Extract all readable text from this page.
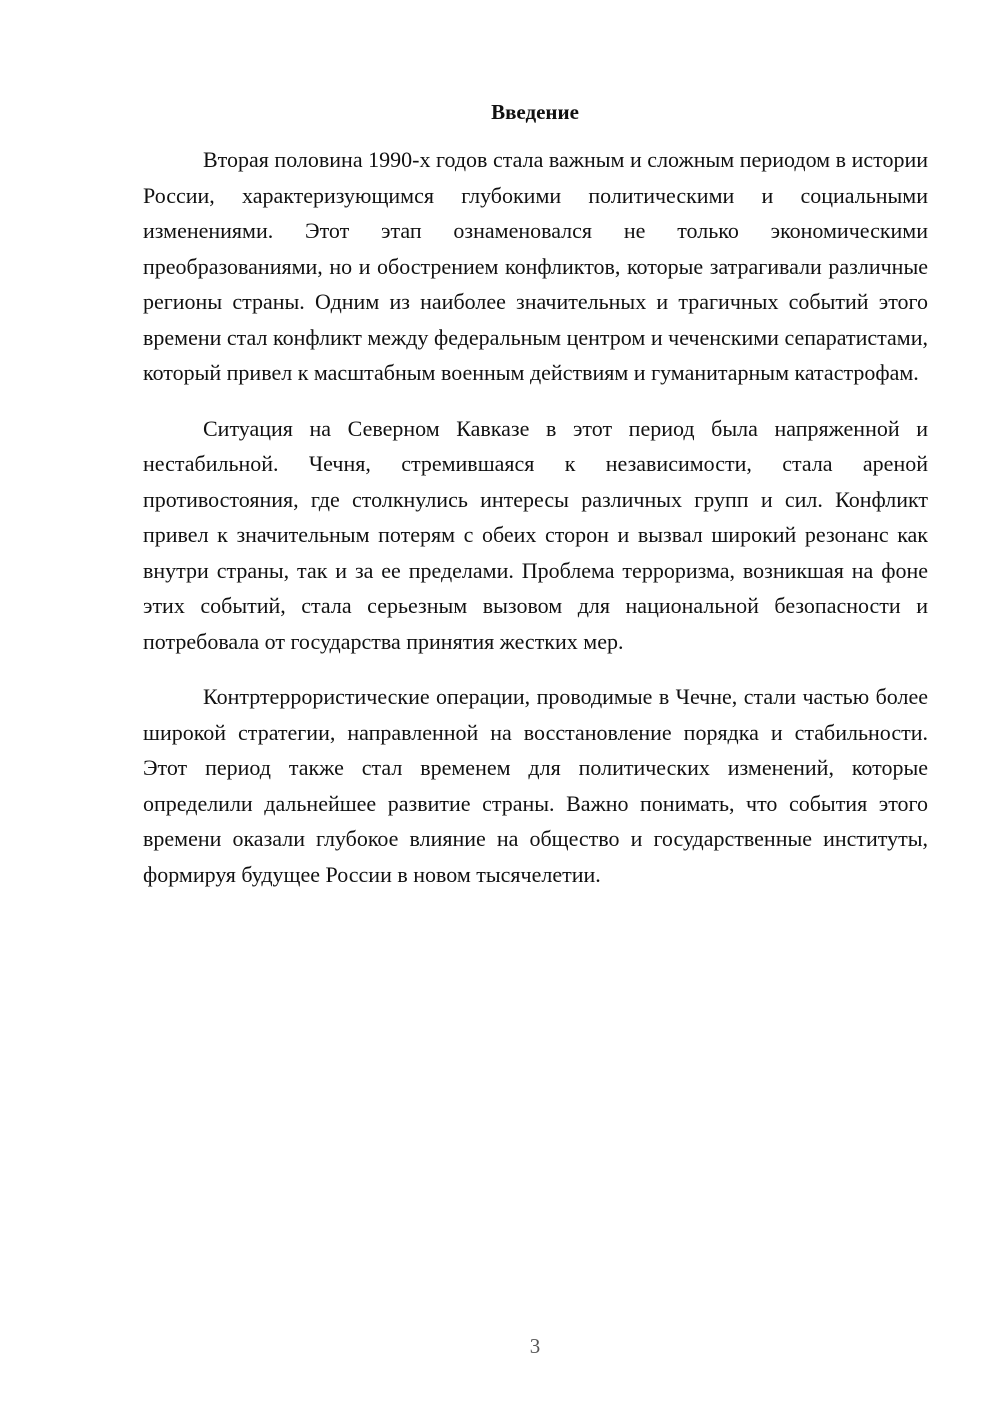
Введение

Вторая половина 1990-х годов стала важным и сложным периодом в истории России, характеризующимся глубокими политическими и социальными изменениями. Этот этап ознаменовался не только экономическими преобразованиями, но и обострением конфликтов, которые затрагивали различные регионы страны. Одним из наиболее значительных и трагичных событий этого времени стал конфликт между федеральным центром и чеченскими сепаратистами, который привел к масштабным военным действиям и гуманитарным катастрофам.

Ситуация на Северном Кавказе в этот период была напряженной и нестабильной. Чечня, стремившаяся к независимости, стала ареной противостояния, где столкнулись интересы различных групп и сил. Конфликт привел к значительным потерям с обеих сторон и вызвал широкий резонанс как внутри страны, так и за ее пределами. Проблема терроризма, возникшая на фоне этих событий, стала серьезным вызовом для национальной безопасности и потребовала от государства принятия жестких мер.

Контртеррористические операции, проводимые в Чечне, стали частью более широкой стратегии, направленной на восстановление порядка и стабильности. Этот период также стал временем для политических изменений, которые определили дальнейшее развитие страны. Важно понимать, что события этого времени оказали глубокое влияние на общество и государственные институты, формируя будущее России в новом тысячелетии.

3
